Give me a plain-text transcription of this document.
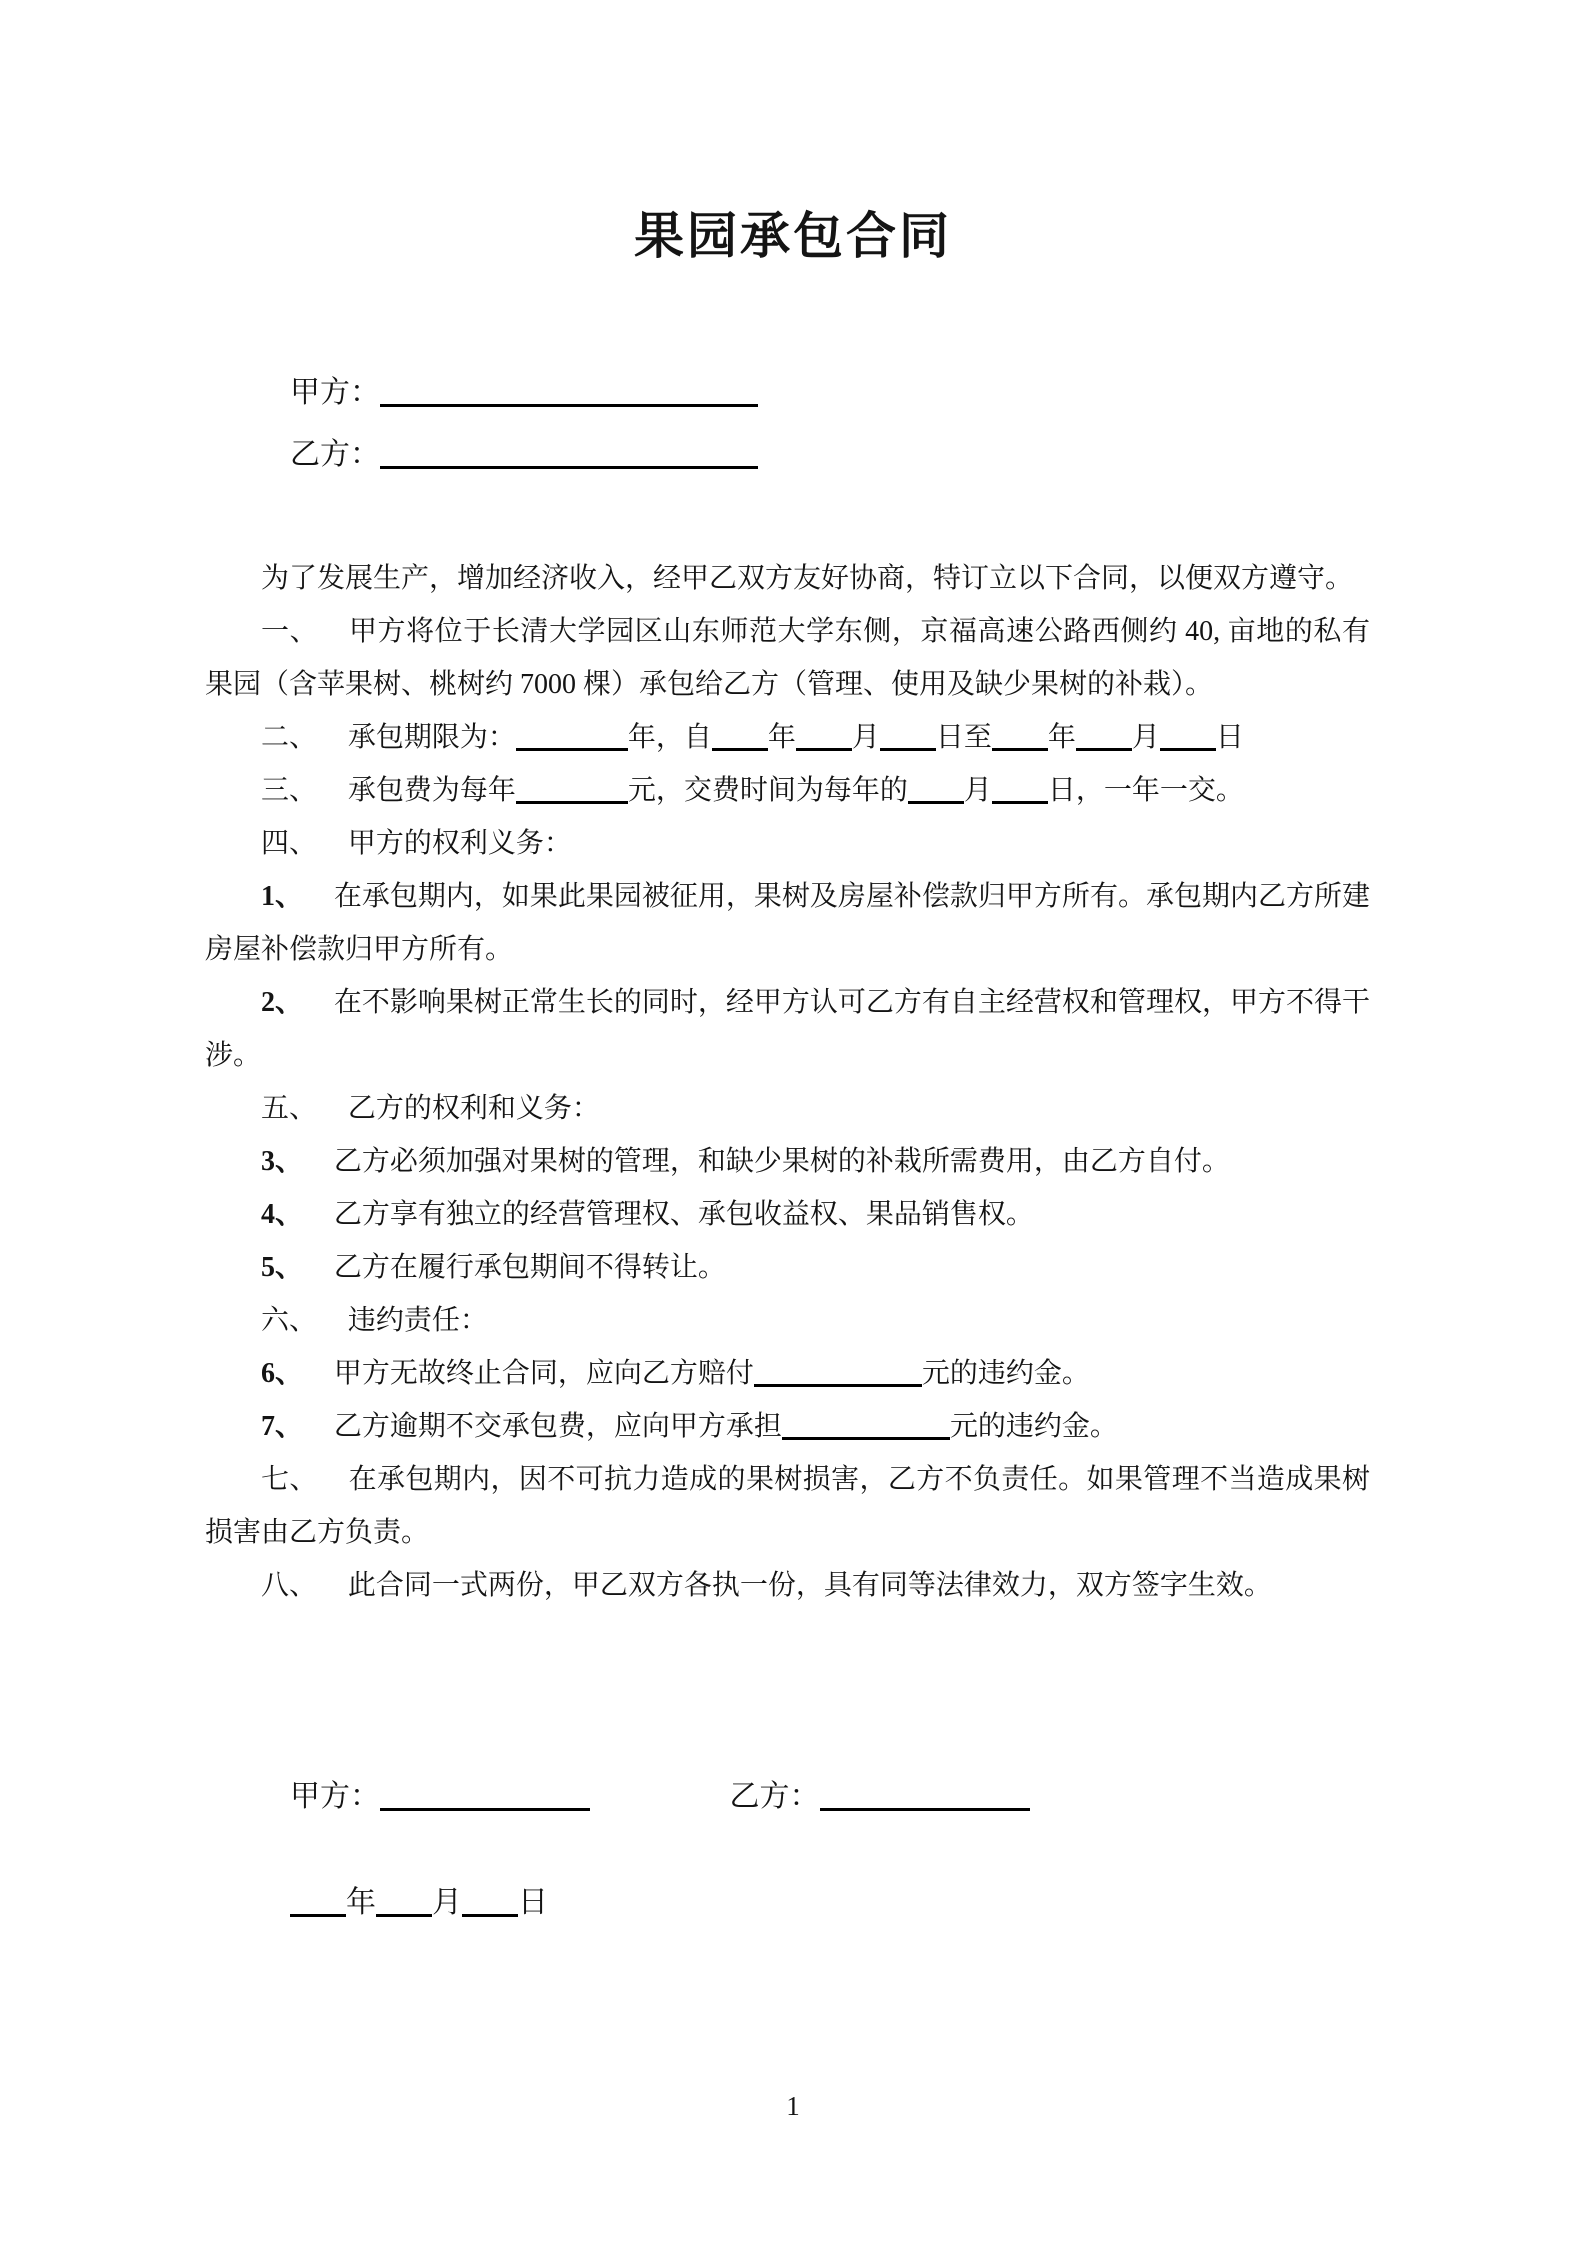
果园承包合同
甲方：
乙方：

为了发展生产，增加经济收入，经甲乙双方友好协商，特订立以下合同，以便双方遵守。

一、 甲方将位于长清大学园区山东师范大学东侧，京福高速公路西侧约 40, 亩地的私有果园（含苹果树、桃树约 7000 棵）承包给乙方（管理、使用及缺少果树的补栽）。

二、 承包期限为：	年，自 年 月 日至 年 月 日

三、 承包费为每年	元，交费时间为每年的 月 日，一年一交。

四、 甲方的权利义务：

1、 在承包期内，如果此果园被征用，果树及房屋补偿款归甲方所有。承包期内乙方所建房屋补偿款归甲方所有。

2、 在不影响果树正常生长的同时，经甲方认可乙方有自主经营权和管理权，甲方不得干涉。

五、 乙方的权利和义务：

3、 乙方必须加强对果树的管理，和缺少果树的补栽所需费用，由乙方自付。

4、 乙方享有独立的经营管理权、承包收益权、果品销售权。

5、 乙方在履行承包期间不得转让。

六、 违约责任：

6、 甲方无故终止合同，应向乙方赔付	元的违约金。

7、 乙方逾期不交承包费，应向甲方承担	元的违约金。

七、 在承包期内，因不可抗力造成的果树损害，乙方不负责任。如果管理不当造成果树损害由乙方负责。

八、 此合同一式两份，甲乙双方各执一份，具有同等法律效力，双方签字生效。

甲方：	乙方：
年 月 日
1
